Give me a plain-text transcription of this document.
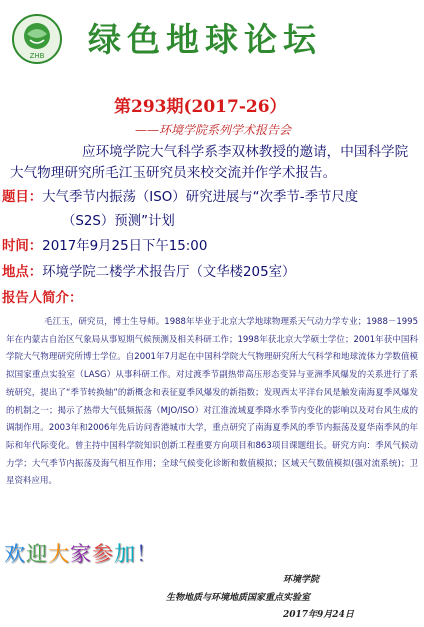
ZHB 绿色地球论坛
第293期(2017-26）
——环境学院系列学术报告会
应环境学院大气科学系李双林教授的邀请，中国科学院大气物理研究所毛江玉研究员来校交流并作学术报告。
题目：大气季节内振荡（ISO）研究进展与“次季节-季节尺度
（S2S）预测”计划
时间：2017年9月25日下午15:00
地点：环境学院二楼学术报告厅（文华楼205室）
报告人简介：
毛江玉，研究员，博士生导师。1988年毕业于北京大学地球物理系天气动力学专业；1988－1995年在内蒙古自治区气象局从事短期气候预测及相关科研工作；1998年获北京大学硕士学位；2001年获中国科学院大气物理研究所博士学位。自2001年7月起在中国科学院大气物理研究所大气科学和地球流体力学数值模拟国家重点实验室（LASG）从事科研工作。对过渡季节副热带高压形态变异与亚洲季风爆发的关系进行了系统研究，提出了“季节转换轴”的新概念和表征夏季风爆发的新指数；发现西太平洋台风是触发南海夏季风爆发的机制之一；揭示了热带大气低频振荡（MJO/ISO）对江淮流域夏季降水季节内变化的影响以及对台风生成的调制作用。2003年和2006年先后访问香港城市大学，重点研究了南海夏季风的季节内振荡及夏华南季风的年际和年代际变化。曾主持中国科学院知识创新工程重要方向项目和863项目课题组长。研究方向：季风气候动力学；大气季节内振荡及海气相互作用；全球气候变化诊断和数值模拟；区域天气数值模拟(强对流系统)；卫星资料应用。
欢迎大家参加！
环境学院
生物地质与环境地质国家重点实验室
2017年9月24日
